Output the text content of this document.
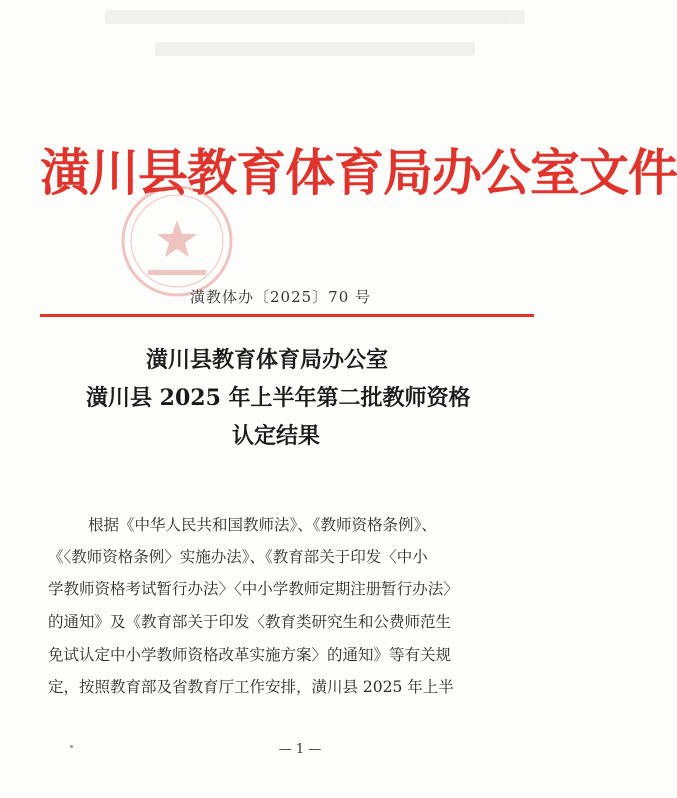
潢川县教育体育局办公室文件
潢教体办〔2025〕70 号
潢川县教育体育局办公室
潢川县 2025 年上半年第二批教师资格
认定结果
根据《中华人民共和国教师法》、《教师资格条例》、
《〈教师资格条例〉实施办法》、《教育部关于印发〈中小
学教师资格考试暂行办法〉〈中小学教师定期注册暂行办法〉
的通知》及《教育部关于印发〈教育类研究生和公费师范生
免试认定中小学教师资格改革实施方案〉的通知》等有关规
定，按照教育部及省教育厅工作安排，潢川县 2025 年上半
— 1 —
